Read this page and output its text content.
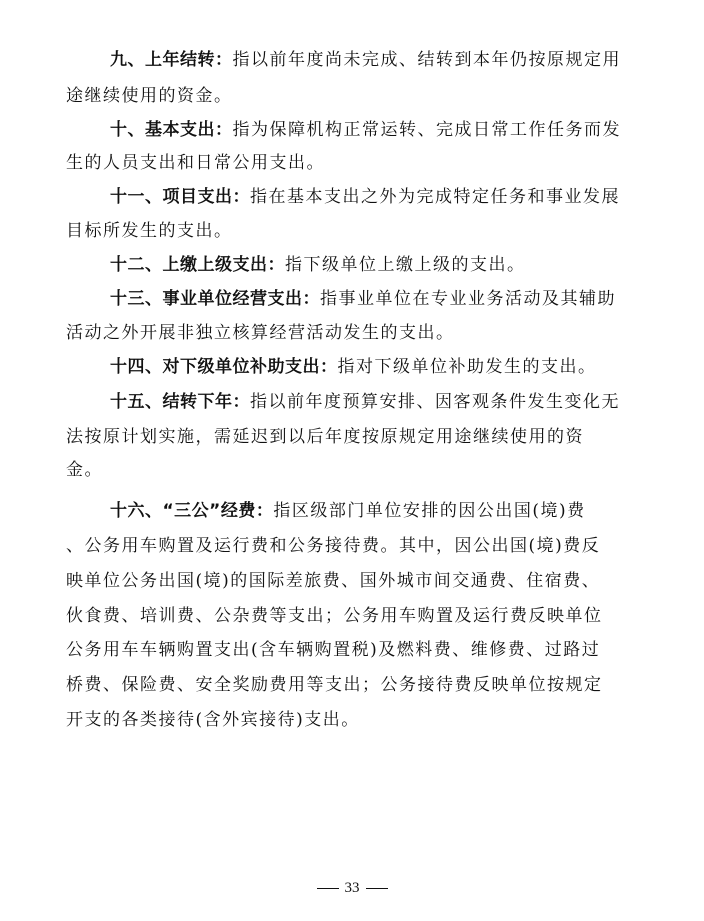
九、上年结转：指以前年度尚未完成、结转到本年仍按原规定用
途继续使用的资金。
十、基本支出：指为保障机构正常运转、完成日常工作任务而发
生的人员支出和日常公用支出。
十一、项目支出：指在基本支出之外为完成特定任务和事业发展
目标所发生的支出。
十二、上缴上级支出：指下级单位上缴上级的支出。
十三、事业单位经营支出：指事业单位在专业业务活动及其辅助
活动之外开展非独立核算经营活动发生的支出。
十四、对下级单位补助支出：指对下级单位补助发生的支出。
十五、结转下年：指以前年度预算安排、因客观条件发生变化无
法按原计划实施，需延迟到以后年度按原规定用途继续使用的资
金。
十六、“三公”经费：指区级部门单位安排的因公出国(境)费
、公务用车购置及运行费和公务接待费。其中，因公出国(境)费反
映单位公务出国(境)的国际差旅费、国外城市间交通费、住宿费、
伙食费、培训费、公杂费等支出；公务用车购置及运行费反映单位
公务用车车辆购置支出(含车辆购置税)及燃料费、维修费、过路过
桥费、保险费、安全奖励费用等支出；公务接待费反映单位按规定
开支的各类接待(含外宾接待)支出。
33
